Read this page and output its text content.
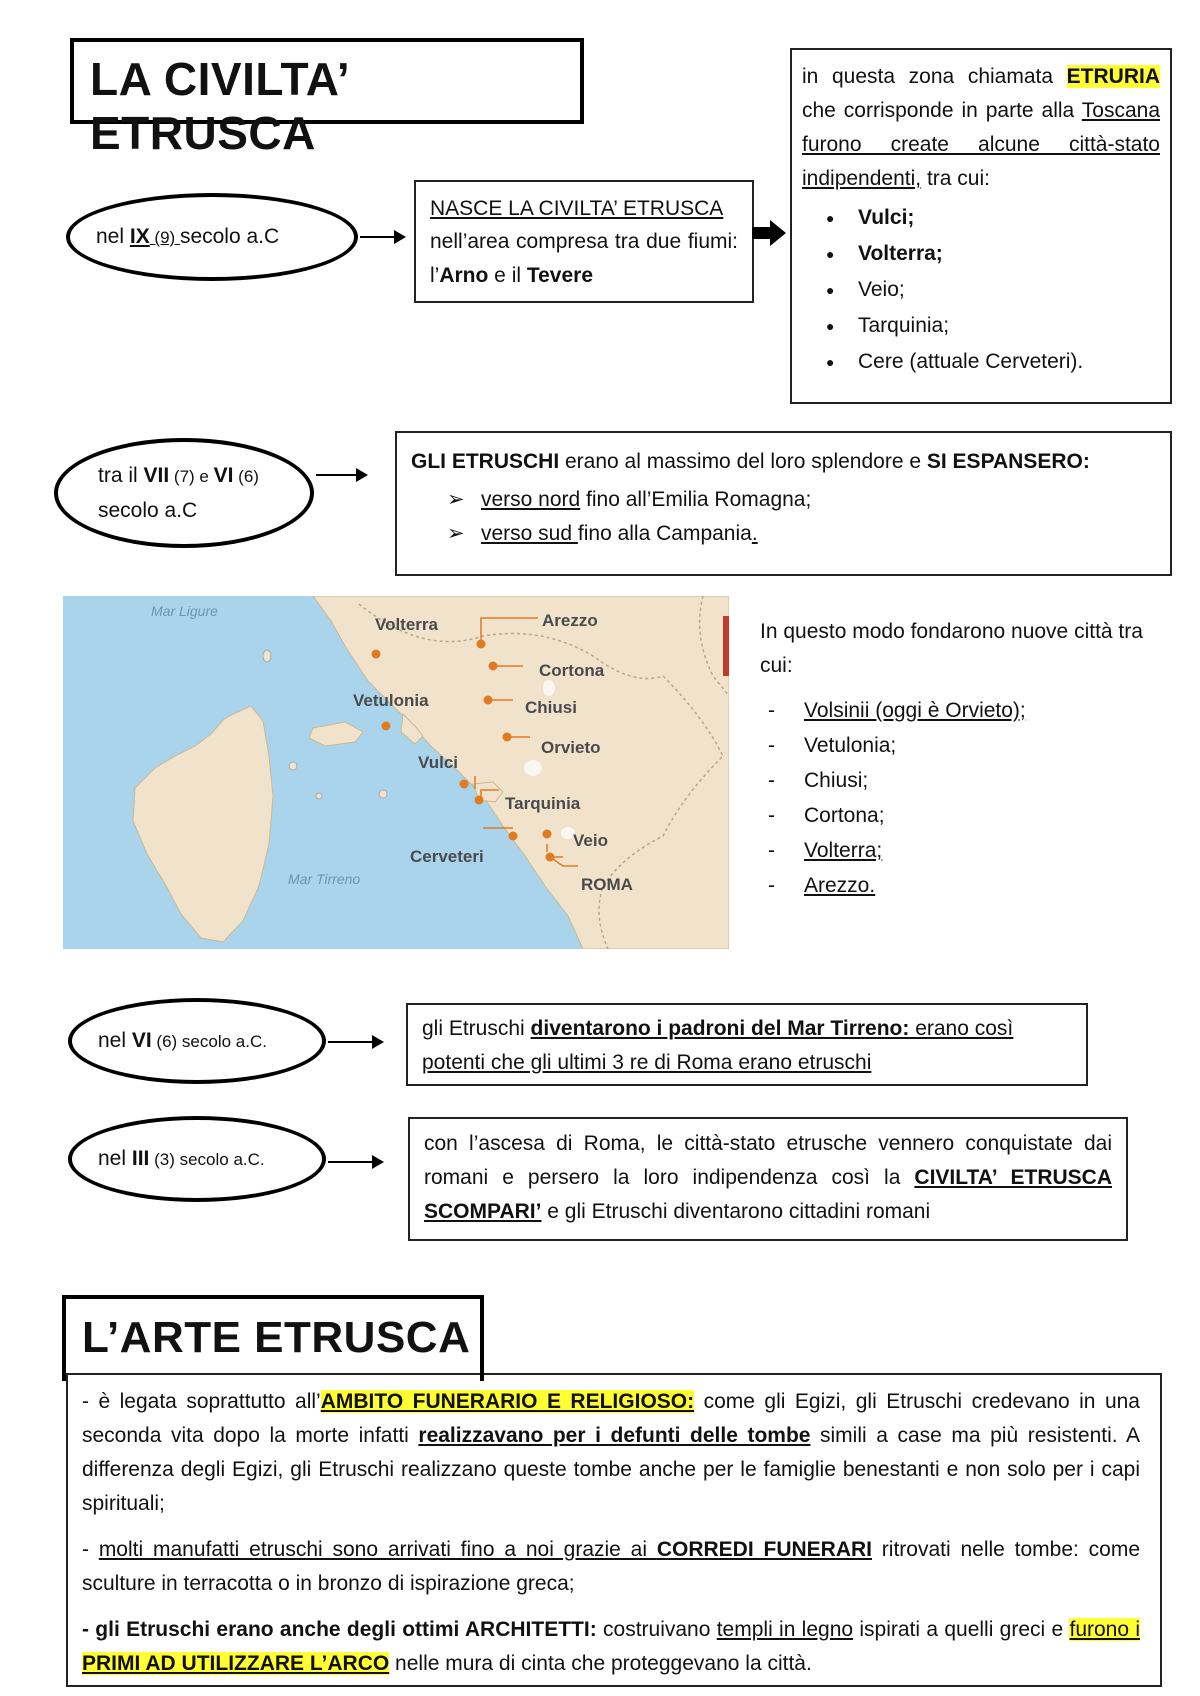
LA CIVILTA’ ETRUSCA
nel IX (9) secolo a.C
NASCE LA CIVILTA’ ETRUSCA
nell’area compresa tra due fiumi: l’Arno e il Tevere
in questa zona chiamata ETRURIA che corrisponde in parte alla Toscana furono create alcune città-stato indipendenti, tra cui:
● Vulci;
● Volterra;
● Veio;
● Tarquinia;
● Cere (attuale Cerveteri).
tra il VII (7) e VI (6)
secolo a.C
GLI ETRUSCHI erano al massimo del loro splendore e SI ESPANSERO:
➢ verso nord fino all’Emilia Romagna;
➢ verso sud fino alla Campania.
Mar Ligure
Mar Tirreno
Volterra
Vetulonia
Vulci
Cerveteri
Arezzo
Cortona
Chiusi
Orvieto
Tarquinia
Veio
ROMA
In questo modo fondarono nuove città tra cui:
- Volsinii (oggi è Orvieto);
- Vetulonia;
- Chiusi;
- Cortona;
- Volterra;
- Arezzo.
nel VI (6) secolo a.C.
gli Etruschi diventarono i padroni del Mar Tirreno: erano così potenti che gli ultimi 3 re di Roma erano etruschi
nel III (3) secolo a.C.
con l’ascesa di Roma, le città-stato etrusche vennero conquistate dai romani e persero la loro indipendenza così la CIVILTA’ ETRUSCA SCOMPARI’ e gli Etruschi diventarono cittadini romani
L’ARTE ETRUSCA

- è legata soprattutto all’AMBITO FUNERARIO E RELIGIOSO: come gli Egizi, gli Etruschi credevano in una seconda vita dopo la morte infatti realizzavano per i defunti delle tombe simili a case ma più resistenti. A differenza degli Egizi, gli Etruschi realizzano queste tombe anche per le famiglie benestanti e non solo per i capi spirituali;

- molti manufatti etruschi sono arrivati fino a noi grazie ai CORREDI FUNERARI ritrovati nelle tombe: come sculture in terracotta o in bronzo di ispirazione greca;

- gli Etruschi erano anche degli ottimi ARCHITETTI: costruivano templi in legno ispirati a quelli greci e furono i PRIMI AD UTILIZZARE L’ARCO nelle mura di cinta che proteggevano la città.
